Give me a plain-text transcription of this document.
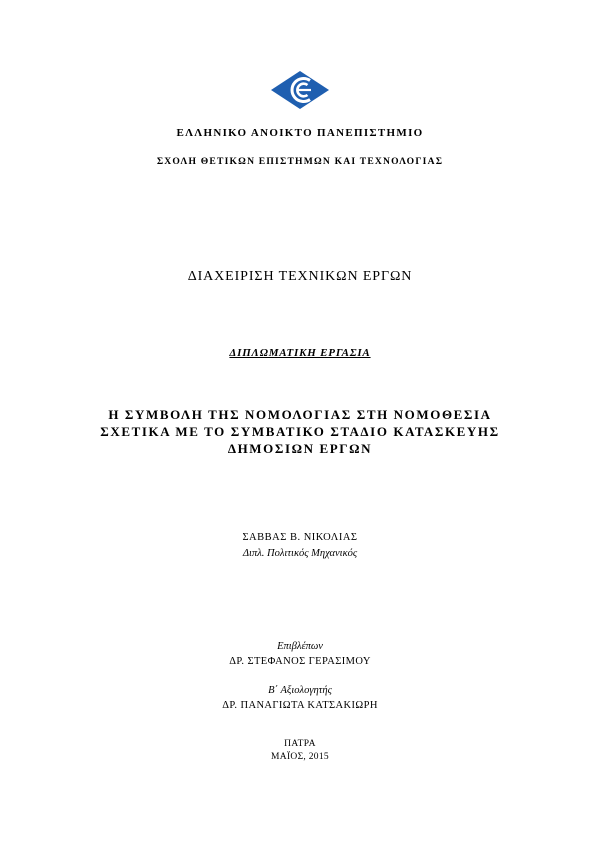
ΕΛΛΗΝΙΚΟ ΑΝΟΙΚΤΟ ΠΑΝΕΠΙΣΤΗΜΙΟ
ΣΧΟΛΗ ΘΕΤΙΚΩΝ ΕΠΙΣΤΗΜΩΝ ΚΑΙ ΤΕΧΝΟΛΟΓΙΑΣ
ΔΙΑΧΕΙΡΙΣΗ ΤΕΧΝΙΚΩΝ ΕΡΓΩΝ
ΔΙΠΛΩΜΑΤΙΚΗ ΕΡΓΑΣΙΑ
Η ΣΥΜΒΟΛΗ ΤΗΣ ΝΟΜΟΛΟΓΙΑΣ ΣΤΗ ΝΟΜΟΘΕΣΙΑ
ΣΧΕΤΙΚΑ ΜΕ ΤΟ ΣΥΜΒΑΤΙΚΟ ΣΤΑΔΙΟ ΚΑΤΑΣΚΕΥΗΣ
ΔΗΜΟΣΙΩΝ ΕΡΓΩΝ
ΣΑΒΒΑΣ Β. ΝΙΚΟΛΙΑΣ
Διπλ. Πολιτικός Μηχανικός
Επιβλέπων
ΔΡ. ΣΤΕΦΑΝΟΣ ΓΕΡΑΣΙΜΟΥ
Β΄ Αξιολογητής
ΔΡ. ΠΑΝΑΓΙΩΤΑ ΚΑΤΣΑΚΙΩΡΗ
ΠΑΤΡΑ
ΜΑΪΟΣ, 2015
